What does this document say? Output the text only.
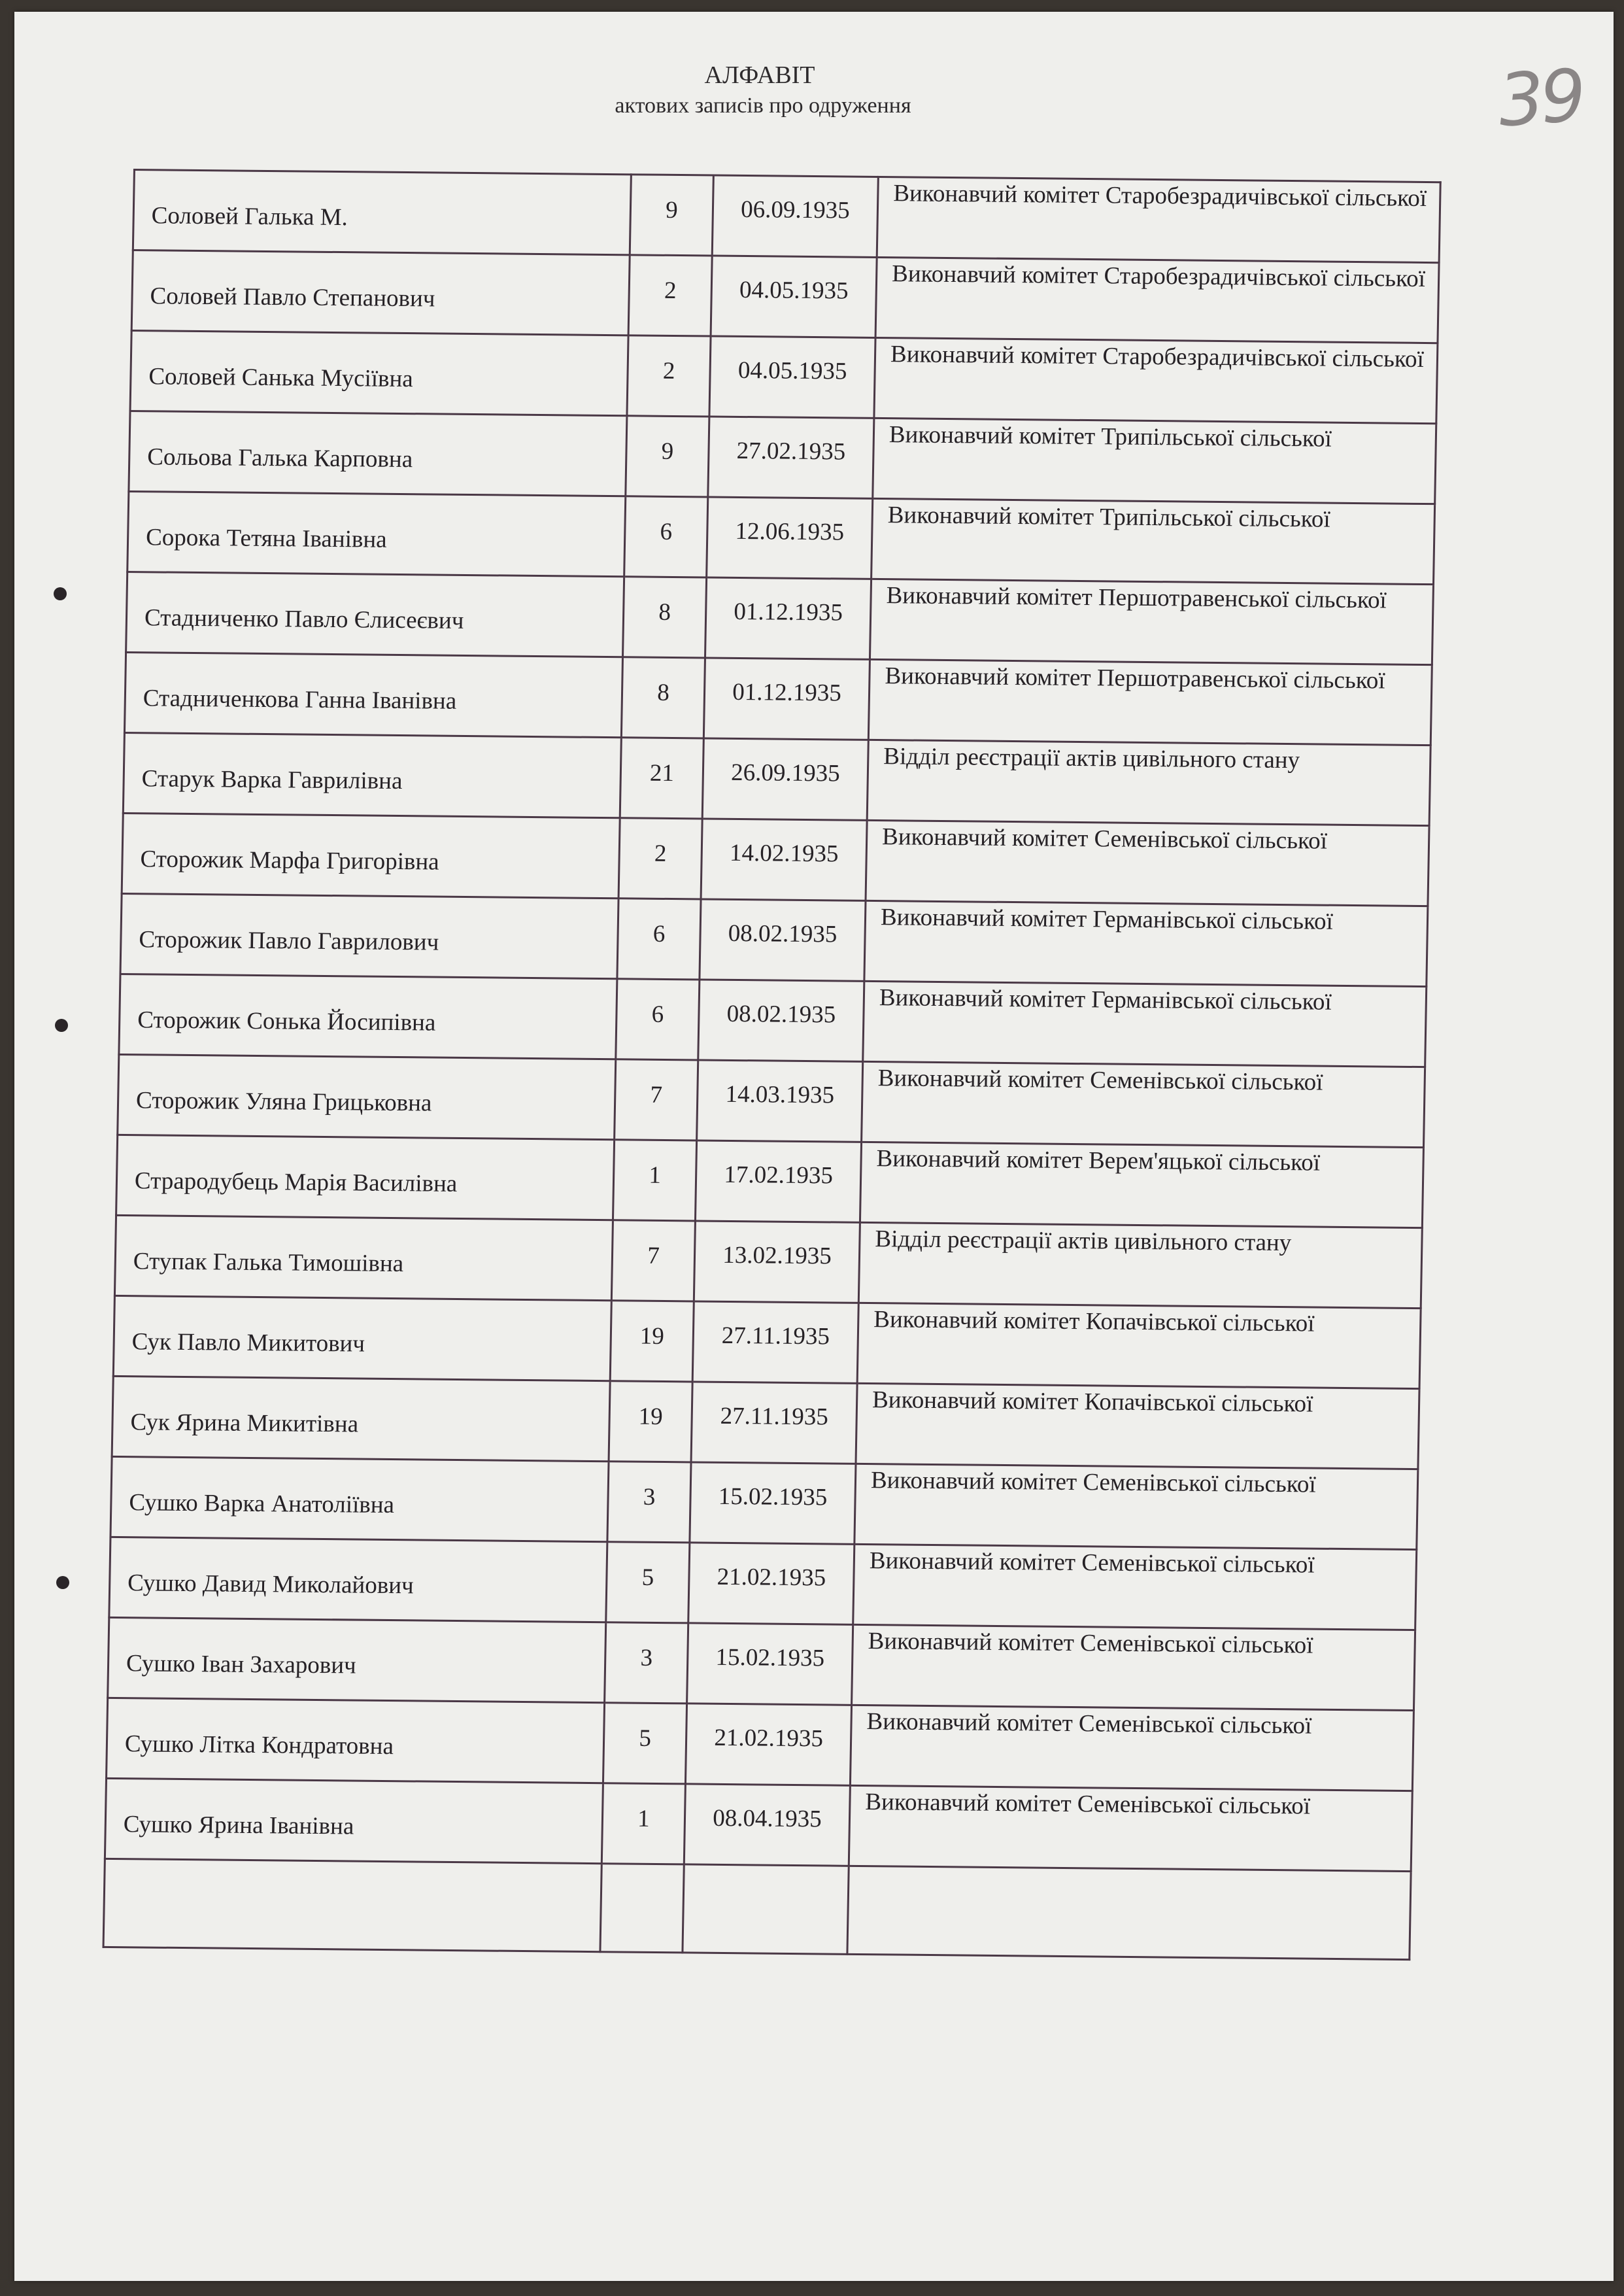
АЛФАВІТ
актових записів про одруження	39
Соловей Галька М.	9	06.09.1935	Виконавчий комітет Старобезрадичівської сільської
Соловей Павло Степанович	2	04.05.1935	Виконавчий комітет Старобезрадичівської сільської
Соловей Санька Мусіївна	2	04.05.1935	Виконавчий комітет Старобезрадичівської сільської
Сольова Галька Карповна	9	27.02.1935	Виконавчий комітет Трипільської сільської
Сорока Тетяна Іванівна	6	12.06.1935	Виконавчий комітет Трипільської сільської
Стадниченко Павло Єлисеєвич	8	01.12.1935	Виконавчий комітет Першотравенської сільської
Стадниченкова Ганна Іванівна	8	01.12.1935	Виконавчий комітет Першотравенської сільської
Старук Варка Гаврилівна	21	26.09.1935	Відділ реєстрації актів цивільного стану
Сторожик Марфа Григорівна	2	14.02.1935	Виконавчий комітет Семенівської сільської
Сторожик Павло Гаврилович	6	08.02.1935	Виконавчий комітет Германівської сільської
Сторожик Сонька Йосипівна	6	08.02.1935	Виконавчий комітет Германівської сільської
Сторожик Уляна Грицьковна	7	14.03.1935	Виконавчий комітет Семенівської сільської
Страродубець Марія Василівна	1	17.02.1935	Виконавчий комітет Верем'яцької сільської
Ступак Галька Тимошівна	7	13.02.1935	Відділ реєстрації актів цивільного стану
Сук Павло Микитович	19	27.11.1935	Виконавчий комітет Копачівської сільської
Сук Ярина Микитівна	19	27.11.1935	Виконавчий комітет Копачівської сільської
Сушко Варка Анатоліївна	3	15.02.1935	Виконавчий комітет Семенівської сільської
Сушко Давид Миколайович	5	21.02.1935	Виконавчий комітет Семенівської сільської
Сушко Іван Захарович	3	15.02.1935	Виконавчий комітет Семенівської сільської
Сушко Літка Кондратовна	5	21.02.1935	Виконавчий комітет Семенівської сільської
Сушко Ярина Іванівна	1	08.04.1935	Виконавчий комітет Семенівської сільської
